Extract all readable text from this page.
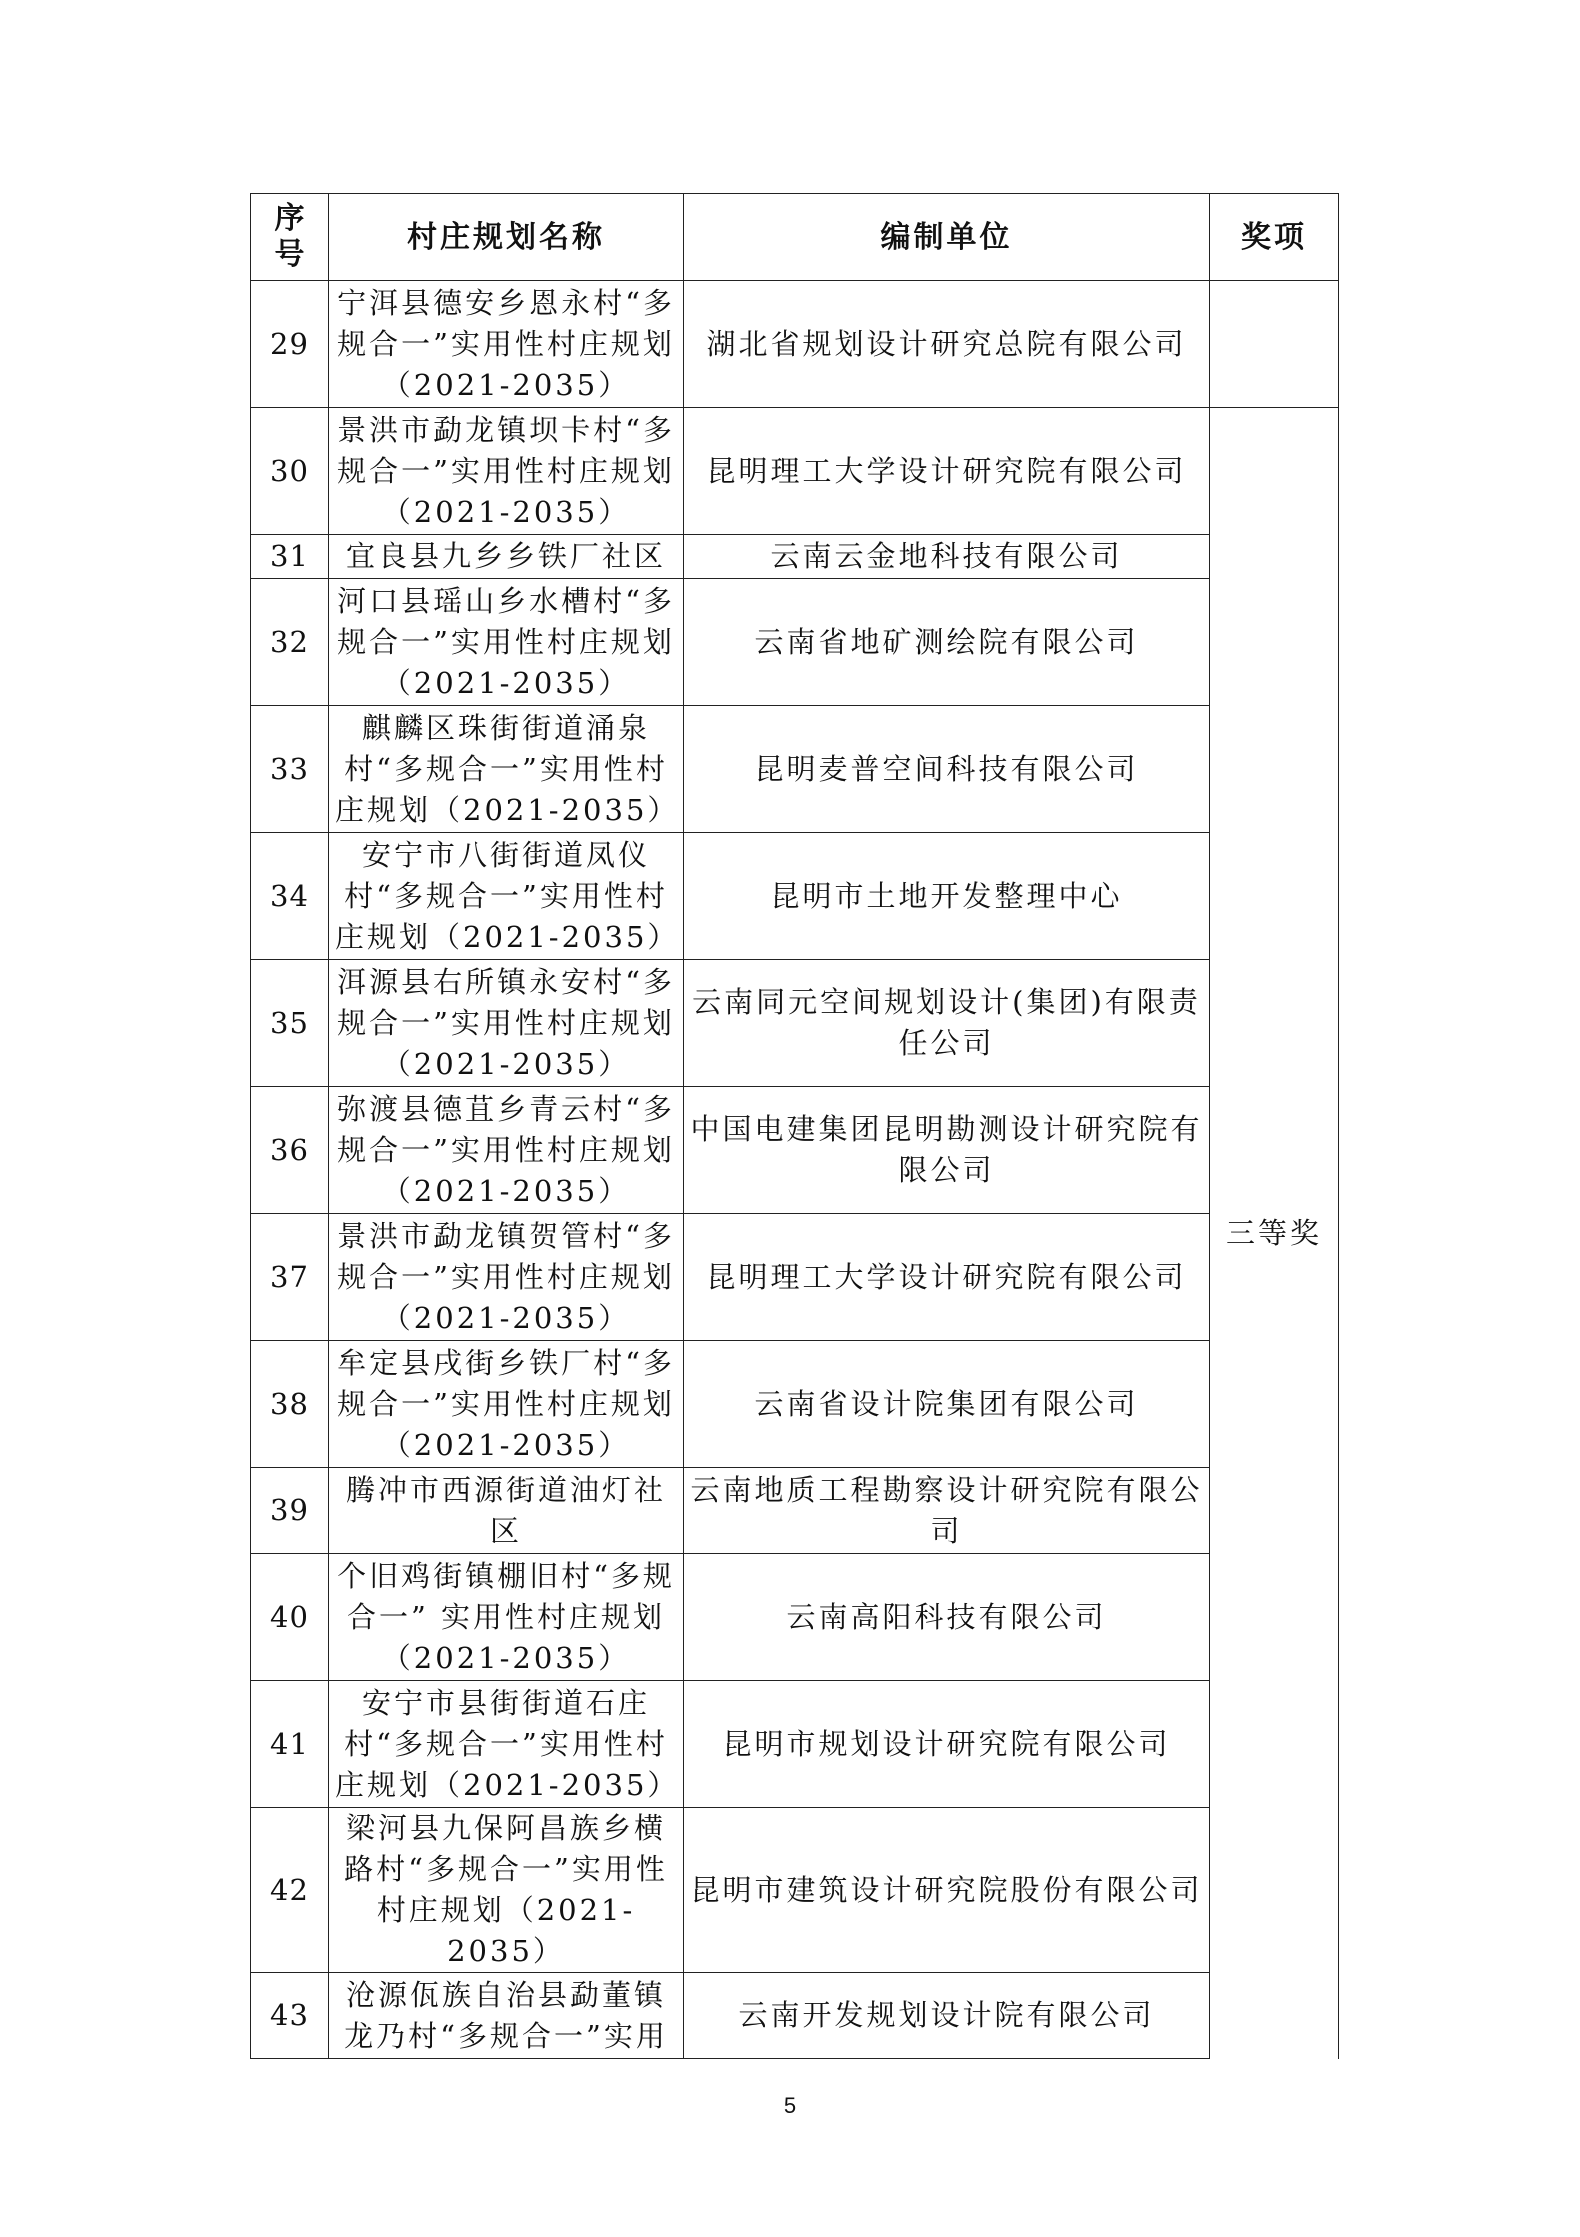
序号	村庄规划名称	编制单位	奖项
29	宁洱县德安乡恩永村“多规合一”实用性村庄规划（2021-2035）	湖北省规划设计研究总院有限公司	
30	景洪市勐龙镇坝卡村“多规合一”实用性村庄规划（2021-2035）	昆明理工大学设计研究院有限公司	三等奖
31	宜良县九乡乡铁厂社区	云南云金地科技有限公司	
32	河口县瑶山乡水槽村“多规合一”实用性村庄规划（2021-2035）	云南省地矿测绘院有限公司	
33	麒麟区珠街街道涌泉村“多规合一”实用性村庄规划（2021-2035）	昆明麦普空间科技有限公司	
34	安宁市八街街道凤仪村“多规合一”实用性村庄规划（2021-2035）	昆明市土地开发整理中心	
35	洱源县右所镇永安村“多规合一”实用性村庄规划（2021-2035）	云南同元空间规划设计(集团)有限责任公司	
36	弥渡县德苴乡青云村“多规合一”实用性村庄规划（2021-2035）	中国电建集团昆明勘测设计研究院有限公司	
37	景洪市勐龙镇贺管村“多规合一”实用性村庄规划（2021-2035）	昆明理工大学设计研究院有限公司	
38	牟定县戌街乡铁厂村“多规合一”实用性村庄规划（2021-2035）	云南省设计院集团有限公司	
39	腾冲市西源街道油灯社区	云南地质工程勘察设计研究院有限公司	
40	个旧鸡街镇棚旧村“多规合一” 实用性村庄规划（2021-2035）	云南高阳科技有限公司	
41	安宁市县街街道石庄村“多规合一”实用性村庄规划（2021-2035）	昆明市规划设计研究院有限公司	
42	梁河县九保阿昌族乡横路村“多规合一”实用性村庄规划（2021-2035）	昆明市建筑设计研究院股份有限公司	
43	沧源佤族自治县勐董镇龙乃村“多规合一”实用	云南开发规划设计院有限公司	
5
